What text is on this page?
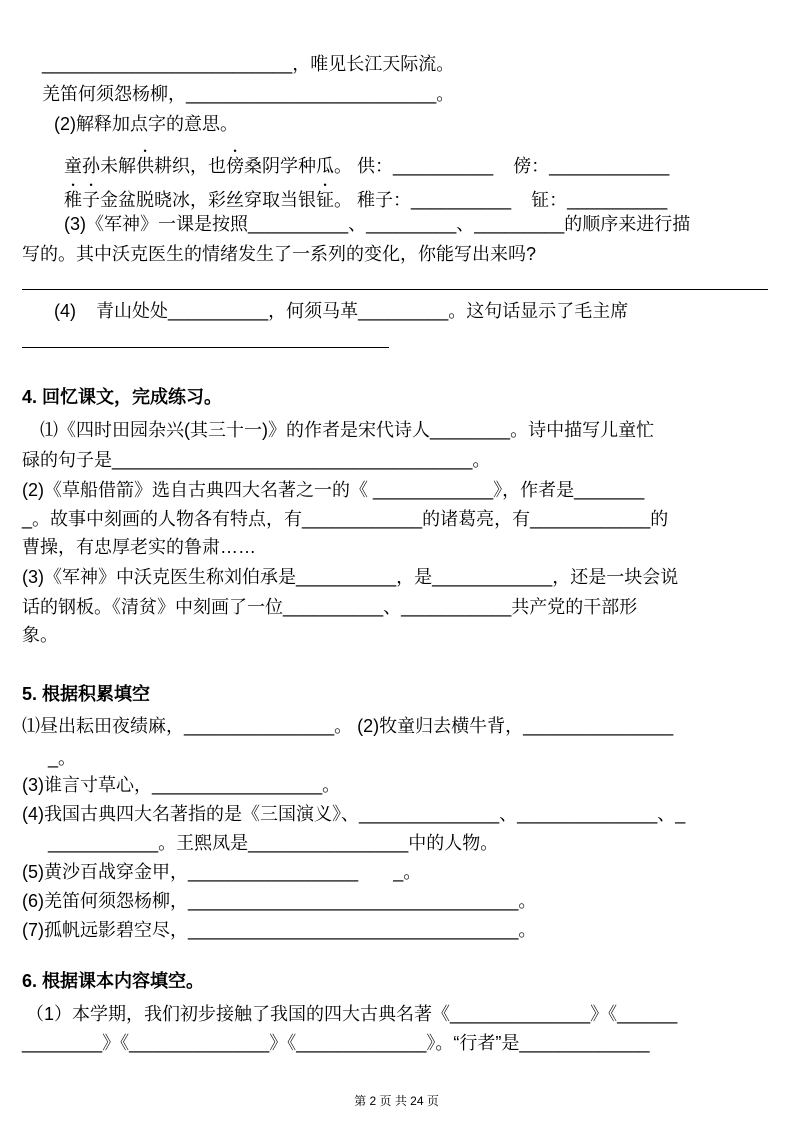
_________________________，唯见长江天际流。
羌笛何须怨杨柳，_________________________。
(2)解释加点字的意思。
童孙未解供耕织，也傍桑阴学种瓜。 供：__________    傍：____________
稚子金盆脱晓冰，彩丝穿取当银钲。 稚子：__________    钲：__________
(3)《军神》一课是按照__________、_________、_________的顺序来进行描
写的。其中沃克医生的情绪发生了一系列的变化，你能写出来吗?
(4)    青山处处__________，何须马革_________。这句话显示了毛主席
4. 回忆课文，完成练习。
⑴《四时田园杂兴(其三十一)》的作者是宋代诗人________。诗中描写儿童忙
碌的句子是____________________________________。
(2)《草船借箭》选自古典四大名著之一的《 ____________》，作者是_______
_。故事中刻画的人物各有特点，有____________的诸葛亮，有____________的
曹操，有忠厚老实的鲁肃……
(3)《军神》中沃克医生称刘伯承是__________，是____________，还是一块会说
话的钢板。《清贫》中刻画了一位__________、___________共产党的干部形
象。
5. 根据积累填空
⑴昼出耘田夜绩麻，_______________。 (2)牧童归去横牛背，_______________
_。
(3)谁言寸草心，_________________。
(4)我国古典四大名著指的是《三国演义》、______________、______________、_
___________。王熙凤是________________中的人物。
(5)黄沙百战穿金甲，_________________       _。
(6)羌笛何须怨杨柳，_________________________________。
(7)孤帆远影碧空尽，_________________________________。
6. 根据课本内容填空。
（1）本学期，我们初步接触了我国的四大古典名著《______________》《______
________》《______________》《_____________》。“行者”是_____________
第 2 页 共 24 页
